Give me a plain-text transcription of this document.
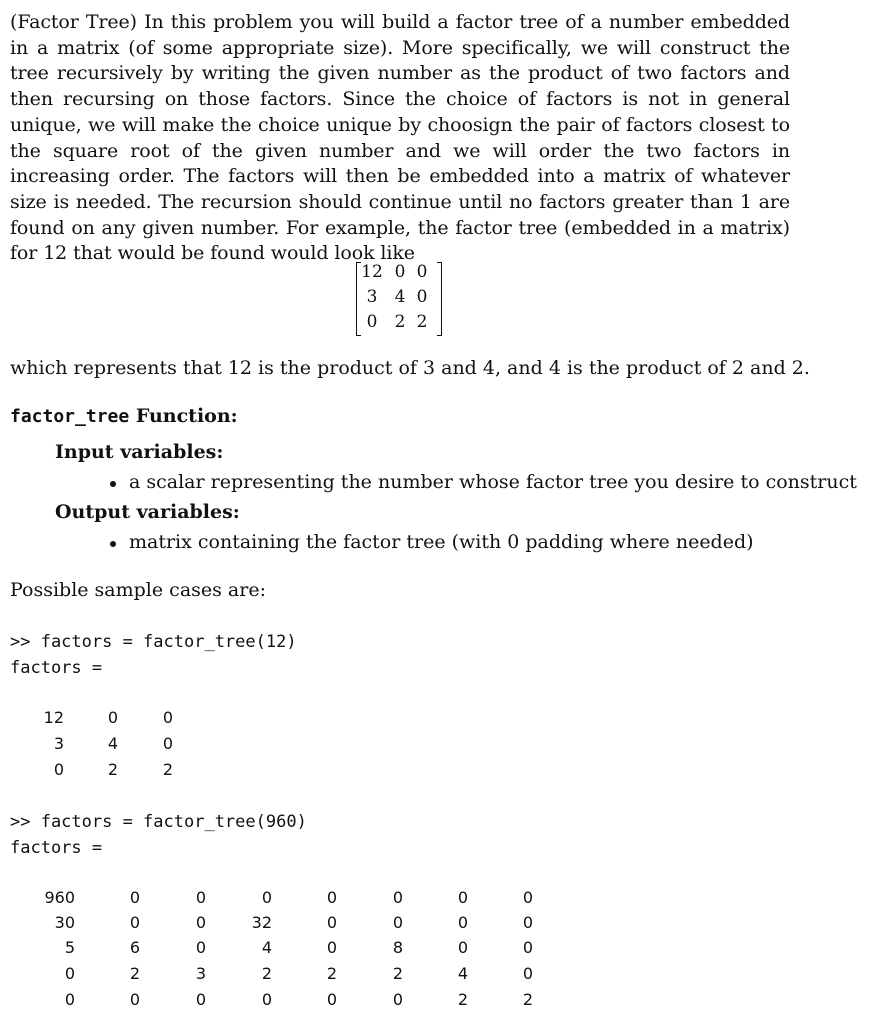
(Factor Tree) In this problem you will build a factor tree of a number embedded in a matrix (of some appropriate size). More specifically, we will construct the tree recursively by writing the given number as the product of two factors and then recursing on those factors. Since the choice of factors is not in general unique, we will make the choice unique by choosign the pair of factors closest to the square root of the given number and we will order the two factors in increasing order. The factors will then be embedded into a matrix of whatever size is needed. The recursion should continue until no factors greater than 1 are found on any given number. For example, the factor tree (embedded in a matrix) for 12 that would be found would look like
12 0 0
3	4 0
0	2 2
which represents that 12 is the product of 3 and 4, and 4 is the product of 2 and 2.
factor_tree Function:
Input variables:
a scalar representing the number whose factor tree you desire to construct
Output variables:
matrix containing the factor tree (with 0 padding where needed)
Possible sample cases are:
>> factors = factor_tree(12)
factors =
12	0	0
3	4	0
0	2	2
>> factors = factor_tree(960)
factors =
960	0	0	0	0	0	0	0
30	0	0	32	0	0	0	0
5	6	0	4	0	8	0	0
0	2	3	2	2	2	4	0
0	0	0	0	0	0	2	2
